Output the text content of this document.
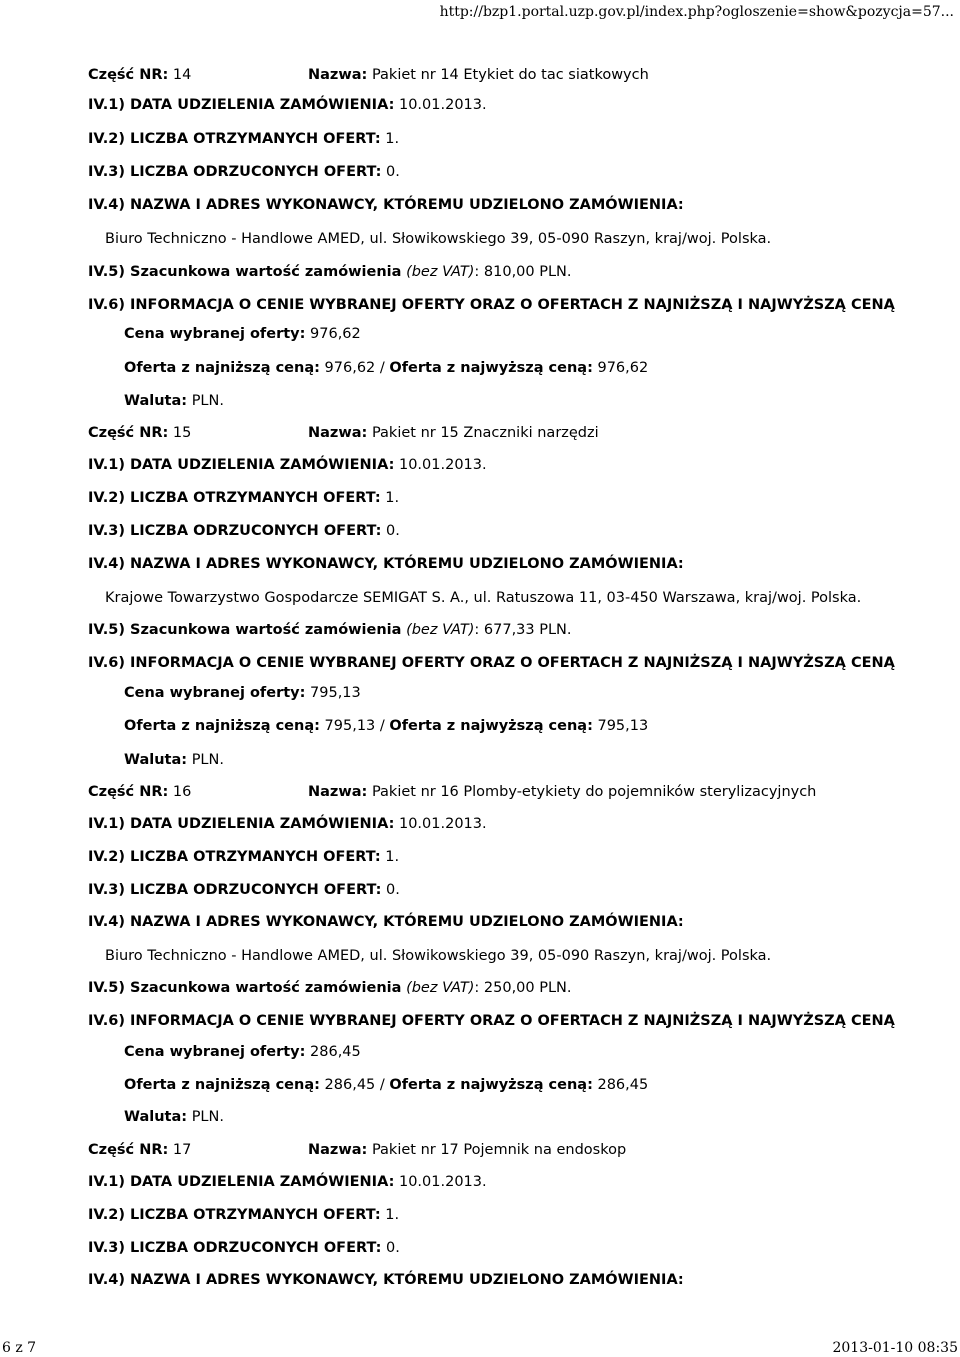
http://bzp1.portal.uzp.gov.pl/index.php?ogloszenie=show&pozycja=57...
Część NR: 14	Nazwa: Pakiet nr 14 Etykiet do tac siatkowych
IV.1) DATA UDZIELENIA ZAMÓWIENIA: 10.01.2013.
IV.2) LICZBA OTRZYMANYCH OFERT: 1.
IV.3) LICZBA ODRZUCONYCH OFERT: 0.
IV.4) NAZWA I ADRES WYKONAWCY, KTÓREMU UDZIELONO ZAMÓWIENIA:
Biuro Techniczno - Handlowe AMED, ul. Słowikowskiego 39, 05-090 Raszyn, kraj/woj. Polska.
IV.5) Szacunkowa wartość zamówienia (bez VAT): 810,00 PLN.
IV.6) INFORMACJA O CENIE WYBRANEJ OFERTY ORAZ O OFERTACH Z NAJNIŻSZĄ I NAJWYŻSZĄ CENĄ
Cena wybranej oferty: 976,62
Oferta z najniższą ceną: 976,62 / Oferta z najwyższą ceną: 976,62
Waluta: PLN.
Część NR: 15	Nazwa: Pakiet nr 15 Znaczniki narzędzi
IV.1) DATA UDZIELENIA ZAMÓWIENIA: 10.01.2013.
IV.2) LICZBA OTRZYMANYCH OFERT: 1.
IV.3) LICZBA ODRZUCONYCH OFERT: 0.
IV.4) NAZWA I ADRES WYKONAWCY, KTÓREMU UDZIELONO ZAMÓWIENIA:
Krajowe Towarzystwo Gospodarcze SEMIGAT S. A., ul. Ratuszowa 11, 03-450 Warszawa, kraj/woj. Polska.
IV.5) Szacunkowa wartość zamówienia (bez VAT): 677,33 PLN.
IV.6) INFORMACJA O CENIE WYBRANEJ OFERTY ORAZ O OFERTACH Z NAJNIŻSZĄ I NAJWYŻSZĄ CENĄ
Cena wybranej oferty: 795,13
Oferta z najniższą ceną: 795,13 / Oferta z najwyższą ceną: 795,13
Waluta: PLN.
Część NR: 16	Nazwa: Pakiet nr 16 Plomby-etykiety do pojemników sterylizacyjnych
IV.1) DATA UDZIELENIA ZAMÓWIENIA: 10.01.2013.
IV.2) LICZBA OTRZYMANYCH OFERT: 1.
IV.3) LICZBA ODRZUCONYCH OFERT: 0.
IV.4) NAZWA I ADRES WYKONAWCY, KTÓREMU UDZIELONO ZAMÓWIENIA:
Biuro Techniczno - Handlowe AMED, ul. Słowikowskiego 39, 05-090 Raszyn, kraj/woj. Polska.
IV.5) Szacunkowa wartość zamówienia (bez VAT): 250,00 PLN.
IV.6) INFORMACJA O CENIE WYBRANEJ OFERTY ORAZ O OFERTACH Z NAJNIŻSZĄ I NAJWYŻSZĄ CENĄ
Cena wybranej oferty: 286,45
Oferta z najniższą ceną: 286,45 / Oferta z najwyższą ceną: 286,45
Waluta: PLN.
Część NR: 17	Nazwa: Pakiet nr 17 Pojemnik na endoskop
IV.1) DATA UDZIELENIA ZAMÓWIENIA: 10.01.2013.
IV.2) LICZBA OTRZYMANYCH OFERT: 1.
IV.3) LICZBA ODRZUCONYCH OFERT: 0.
IV.4) NAZWA I ADRES WYKONAWCY, KTÓREMU UDZIELONO ZAMÓWIENIA:
6 z 7	2013-01-10 08:35
